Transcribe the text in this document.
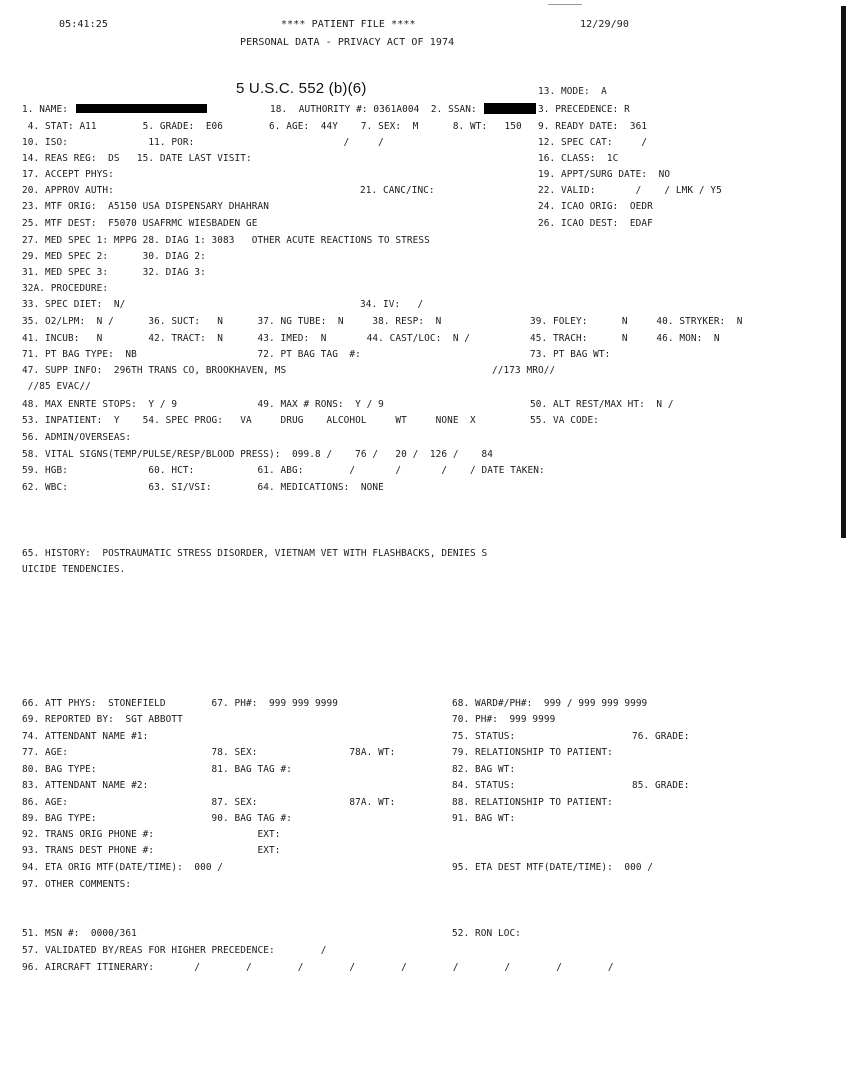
05:41:25	**** PATIENT FILE ****
PERSONAL DATA - PRIVACY ACT OF 1974
12/29/90
5 U.S.C. 552 (b)(6)	13. MODE:  A
1. NAME:	18.  AUTHORITY #: 0361A004  2. SSAN:	3. PRECEDENCE: R
4. STAT: A11        5. GRADE:  E06        6. AGE:  44Y    7. SEX:  M      8. WT:   150 9. READY DATE:  361
10. ISO:              11. POR:                          /     /	12. SPEC CAT:     /
14. REAS REG:  DS   15. DATE LAST VISIT:	16. CLASS:  1C
17. ACCEPT PHYS:	19. APPT/SURG DATE:  NO
20. APPROV AUTH:	21. CANC/INC:	22. VALID:       /    / LMK / Y5
23. MTF ORIG:  A5150 USA DISPENSARY DHAHRAN	24. ICAO ORIG:  OEDR
25. MTF DEST:  F5070 USAFRMC WIESBADEN GE	26. ICAO DEST:  EDAF
27. MED SPEC 1: MPPG 28. DIAG 1: 3083   OTHER ACUTE REACTIONS TO STRESS
29. MED SPEC 2:      30. DIAG 2:
31. MED SPEC 3:      32. DIAG 3:
32A. PROCEDURE:
33. SPEC DIET:  N/	34. IV:   /
35. O2/LPM:  N /      36. SUCT:   N      37. NG TUBE:  N     38. RESP:  N	39. FOLEY:      N     40. STRYKER:  N
41. INCUB:   N        42. TRACT:  N      43. IMED:  N       44. CAST/LOC:  N /	45. TRACH:      N     46. MON:  N
71. PT BAG TYPE:  NB                     72. PT BAG TAG  #:	73. PT BAG WT:
47. SUPP INFO:  296TH TRANS CO, BROOKHAVEN, MS	//173 MRO//
//85 EVAC//
48. MAX ENRTE STOPS:  Y / 9              49. MAX # RONS:  Y / 9	50. ALT REST/MAX HT:  N /
53. INPATIENT:  Y    54. SPEC PROG:   VA     DRUG    ALCOHOL     WT     NONE  X	55. VA CODE:
56. ADMIN/OVERSEAS:
58. VITAL SIGNS(TEMP/PULSE/RESP/BLOOD PRESS):  099.8 /    76 /   20 /  126 /    84
59. HGB:              60. HCT:           61. ABG:        /       /       /    / DATE TAKEN:
62. WBC:              63. SI/VSI:        64. MEDICATIONS:  NONE
65. HISTORY:  POSTRAUMATIC STRESS DISORDER, VIETNAM VET WITH FLASHBACKS, DENIES S
UICIDE TENDENCIES.
66. ATT PHYS:  STONEFIELD        67. PH#:  999 999 9999	68. WARD#/PH#:  999 / 999 999 9999
69. REPORTED BY:  SGT ABBOTT	70. PH#:  999 9999
74. ATTENDANT NAME #1:	75. STATUS:	76. GRADE:
77. AGE:                         78. SEX:                78A. WT:	79. RELATIONSHIP TO PATIENT:
80. BAG TYPE:                    81. BAG TAG #:	82. BAG WT:
83. ATTENDANT NAME #2:	84. STATUS:	85. GRADE:
86. AGE:                         87. SEX:                87A. WT:	88. RELATIONSHIP TO PATIENT:
89. BAG TYPE:                    90. BAG TAG #:	91. BAG WT:
92. TRANS ORIG PHONE #:                  EXT:
93. TRANS DEST PHONE #:                  EXT:
94. ETA ORIG MTF(DATE/TIME):  000 /	95. ETA DEST MTF(DATE/TIME):  000 /
97. OTHER COMMENTS:
51. MSN #:  0000/361	52. RON LOC:
57. VALIDATED BY/REAS FOR HIGHER PRECEDENCE:        /
96. AIRCRAFT ITINERARY:       /        /        /        /        /        /        /        /        /
